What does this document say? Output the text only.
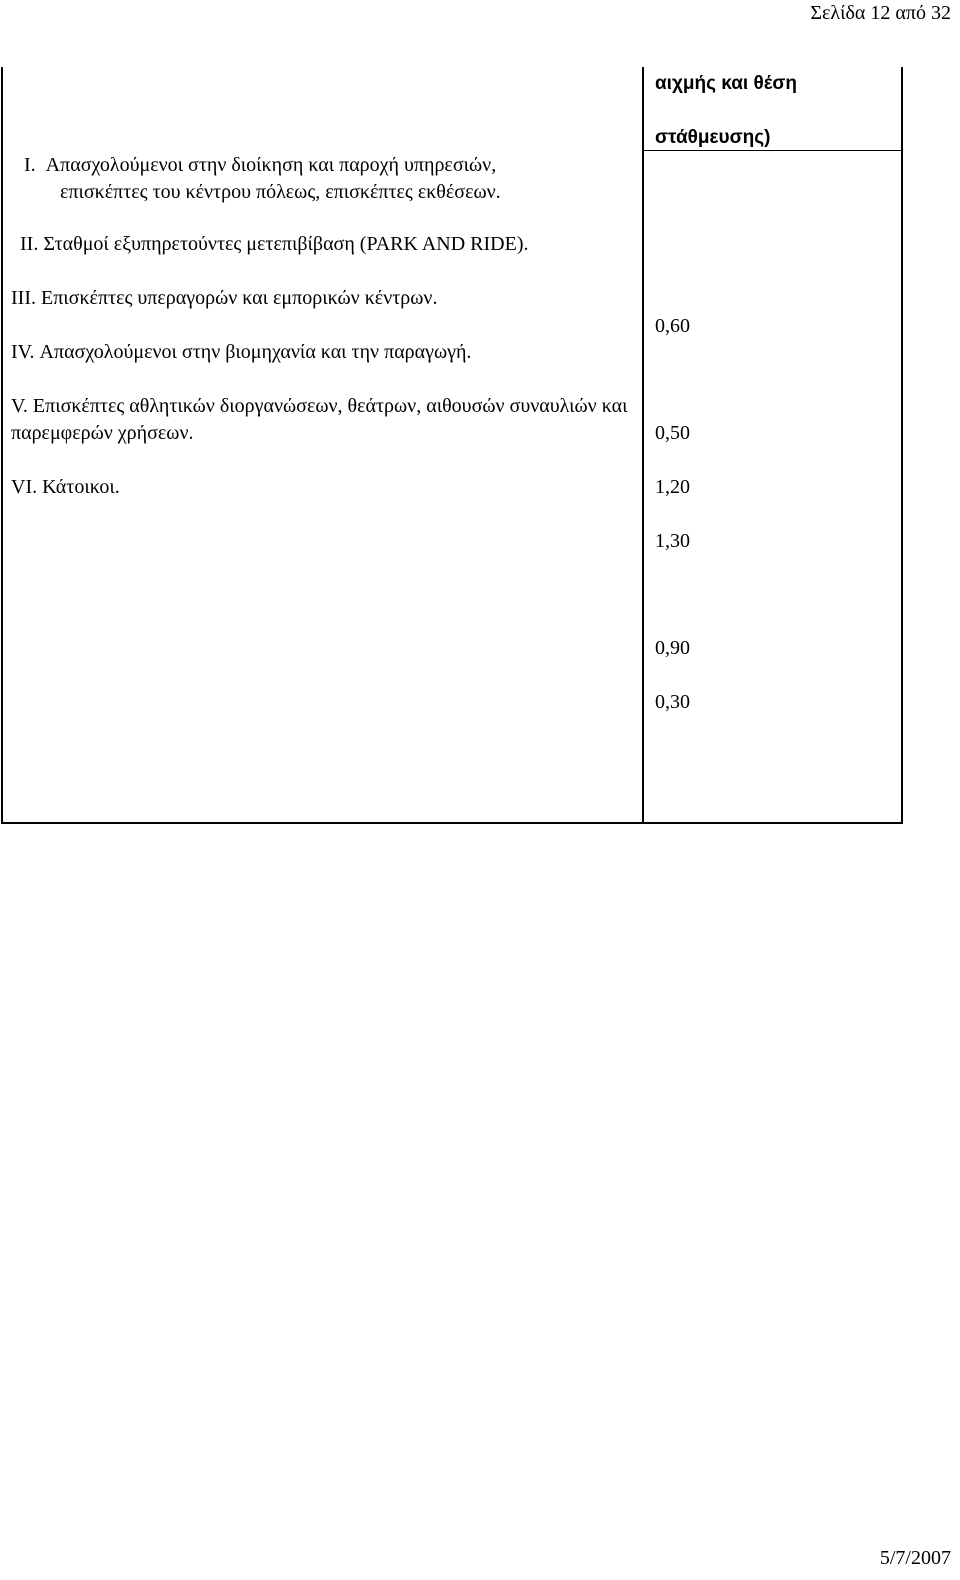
Σελίδα 12 από 32
I. Απασχολούμενοι στην διοίκηση και παροχή υπηρεσιών,
επισκέπτες του κέντρου πόλεως, επισκέπτες εκθέσεων.
II. Σταθμοί εξυπηρετούντες μετεπιβίβαση (PARK AND RIDE).
III. Επισκέπτες υπεραγορών και εμπορικών κέντρων.
IV. Απασχολούμενοι στην βιομηχανία και την παραγωγή.
V. Επισκέπτες αθλητικών διοργανώσεων, θεάτρων, αιθουσών συναυλιών και παρεμφερών χρήσεων.
VI. Κάτοικοι.
αιχμής και θέση
στάθμευσης)
0,60
0,50
1,20
1,30
0,90
0,30
5/7/2007
